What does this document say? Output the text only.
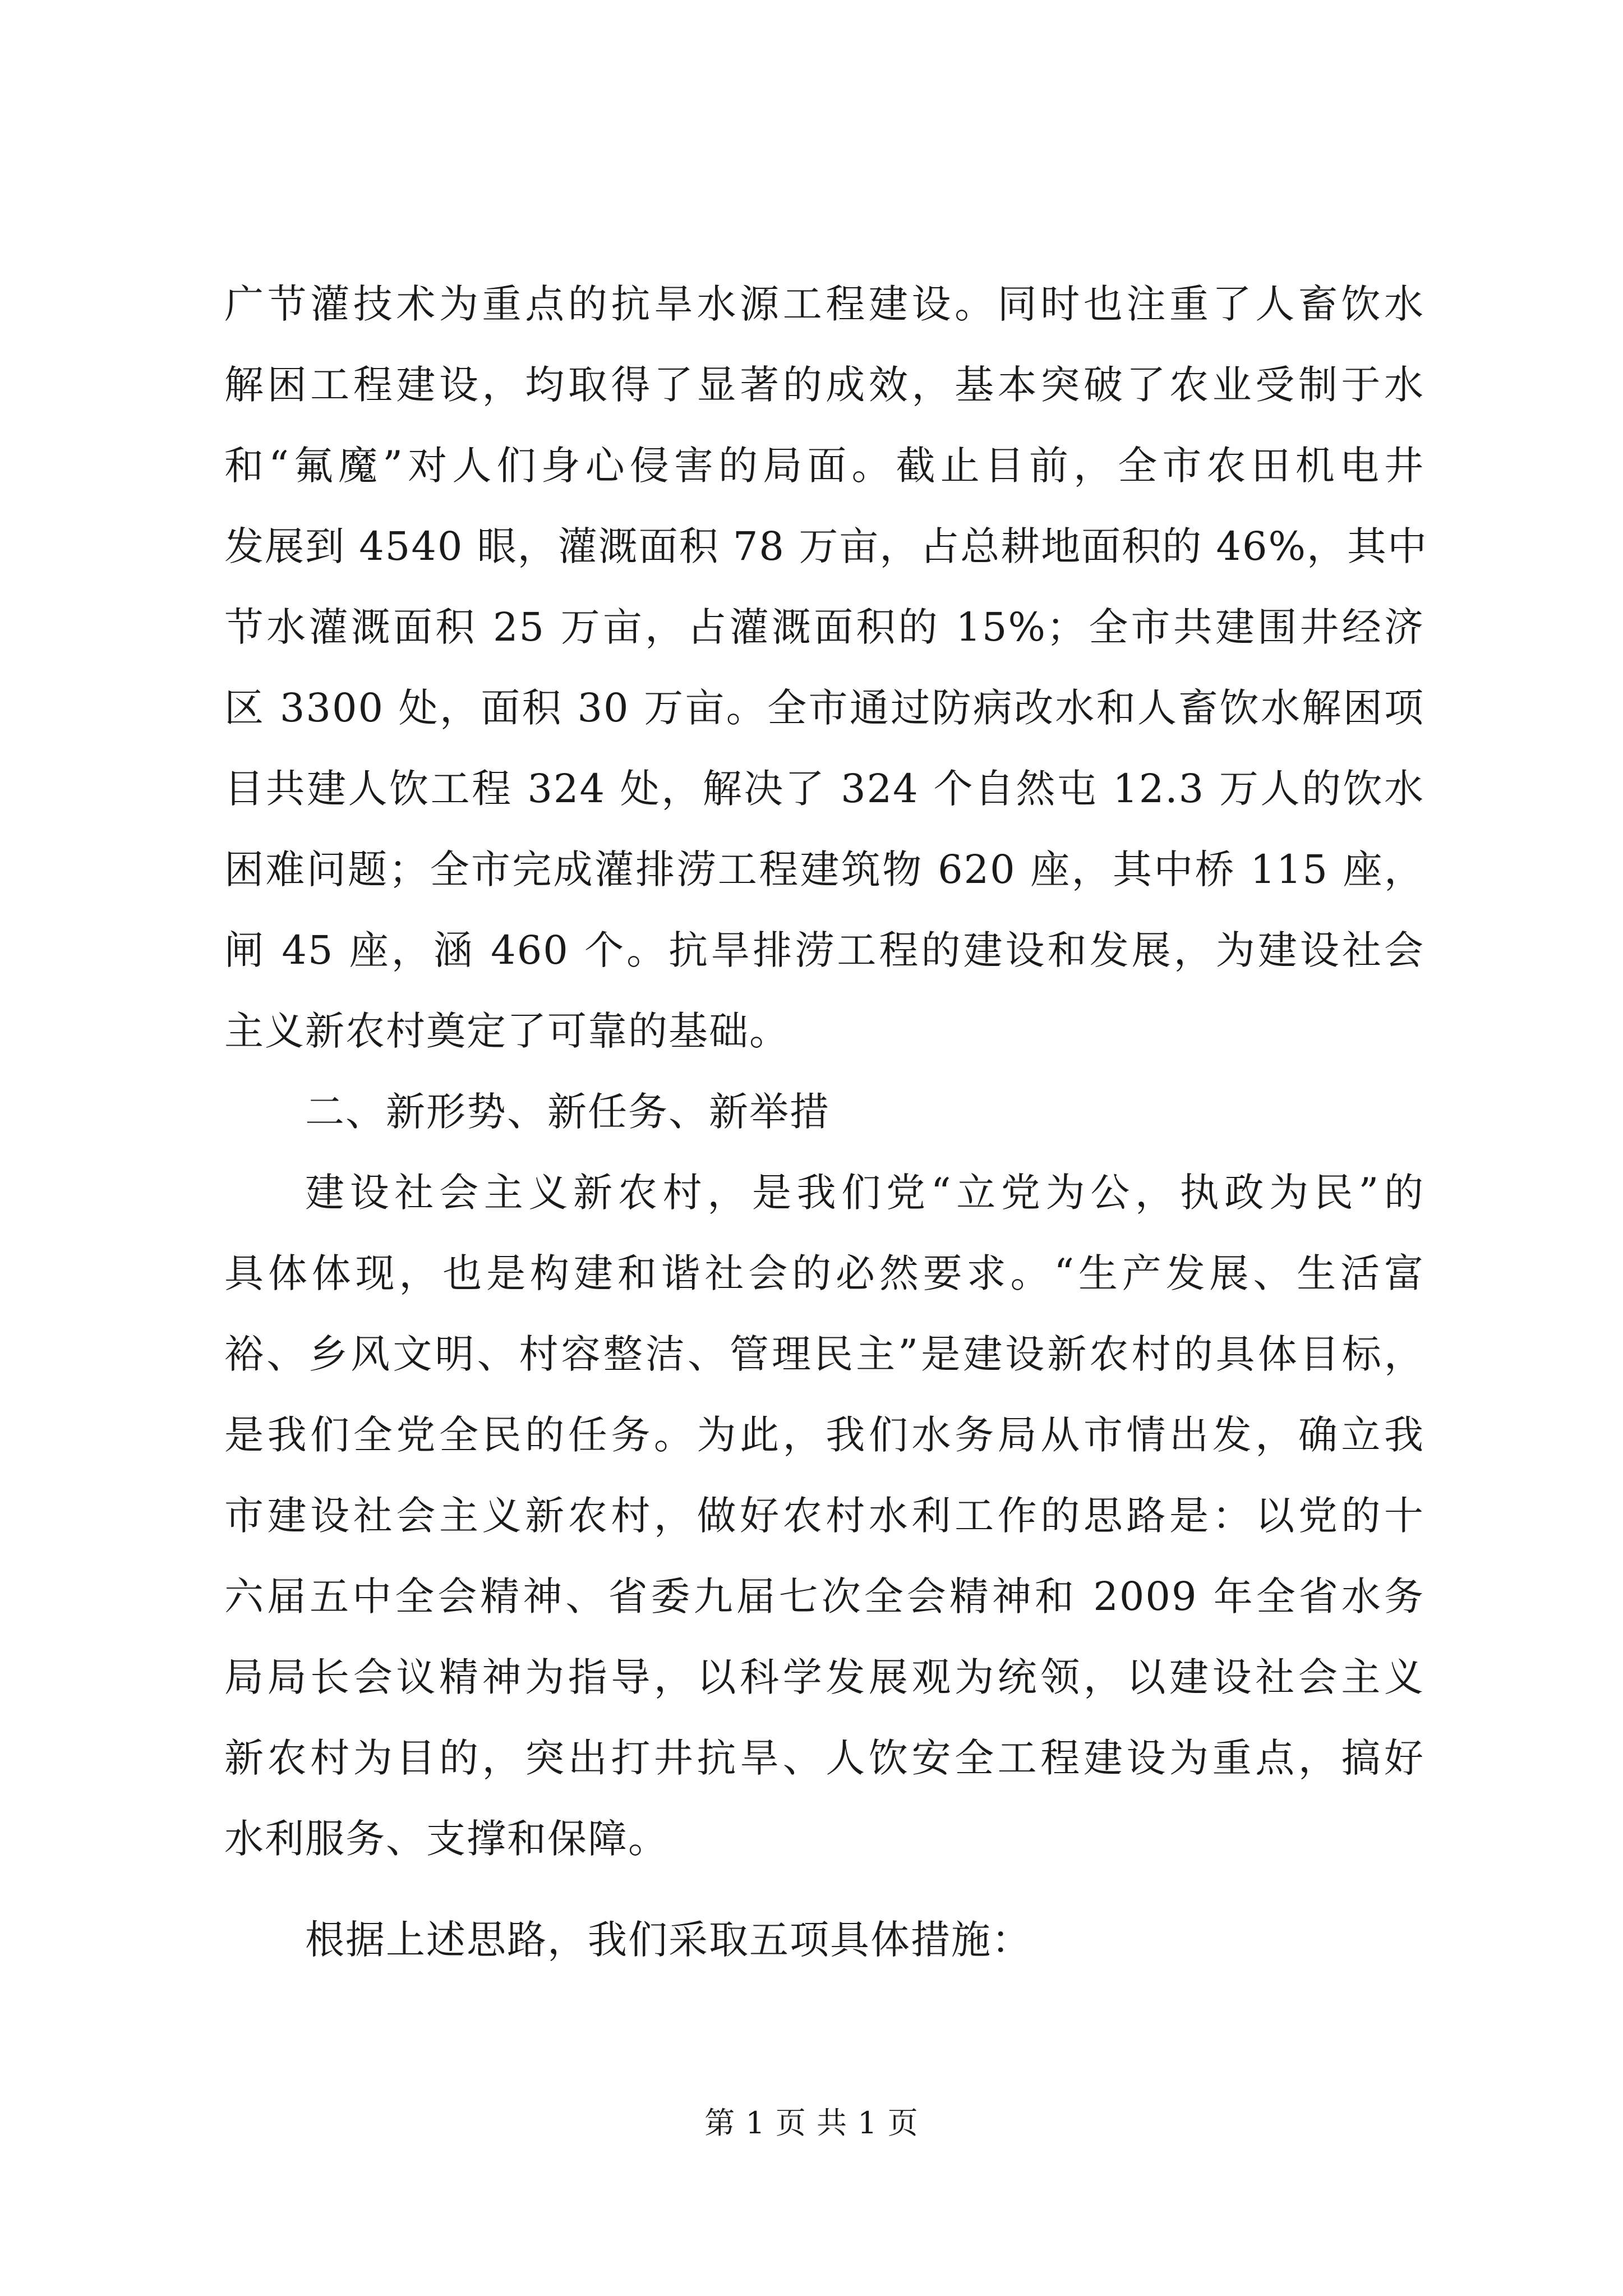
广节灌技术为重点的抗旱水源工程建设。同时也注重了人畜饮水
解困工程建设，均取得了显著的成效，基本突破了农业受制于水
和“氟魔”对人们身心侵害的局面。截止目前，全市农田机电井
发展到 4540 眼，灌溉面积 78 万亩，占总耕地面积的 46%，其中
节水灌溉面积 25 万亩，占灌溉面积的 15%；全市共建围井经济
区 3300 处，面积 30 万亩。全市通过防病改水和人畜饮水解困项
目共建人饮工程 324 处，解决了 324 个自然屯 12.3 万人的饮水
困难问题；全市完成灌排涝工程建筑物 620 座，其中桥 115 座，
闸 45 座，涵 460 个。抗旱排涝工程的建设和发展，为建设社会
主义新农村奠定了可靠的基础。
二、新形势、新任务、新举措
建设社会主义新农村，是我们党“立党为公，执政为民”的
具体体现，也是构建和谐社会的必然要求。“生产发展、生活富
裕、乡风文明、村容整洁、管理民主”是建设新农村的具体目标，
是我们全党全民的任务。为此，我们水务局从市情出发，确立我
市建设社会主义新农村，做好农村水利工作的思路是：以党的十
六届五中全会精神、省委九届七次全会精神和 2009 年全省水务
局局长会议精神为指导，以科学发展观为统领，以建设社会主义
新农村为目的，突出打井抗旱、人饮安全工程建设为重点，搞好
水利服务、支撑和保障。
根据上述思路，我们采取五项具体措施：
第 1 页 共 1 页
